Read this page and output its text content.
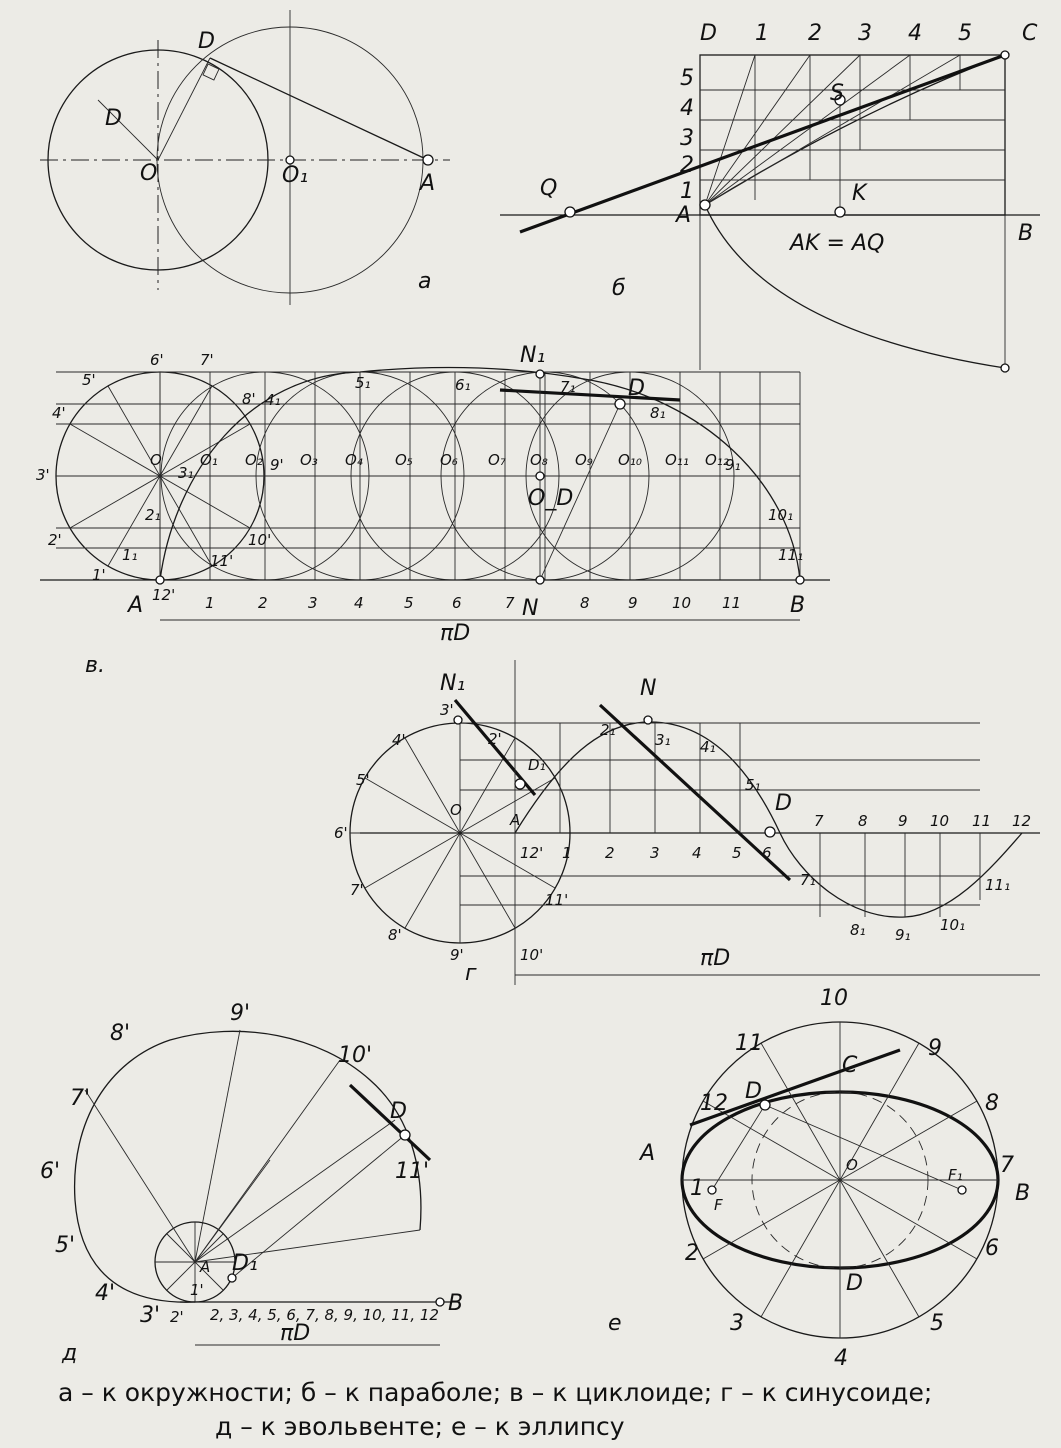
D
D
O	O₁	A
а
D	C
S
K
Q
A
B
AK = AQ
1 2 3 4 5
5
4
3
2
1
б
N₁
D
O_D
N
A	B
πD
6' 7'
5'
4'
3'
2'
1'
8'
9'
10'
11'
12' 1	2	3 4	5	6	7	8	9 10 11
O	O₁ O₂ O₃ O₄ O₅ O₆ O₇ O₈ O₉ O₁₀ O₁₁ O₁₂
1₁
2₁
3₁
4₁
5₁	6₁	7₁
8₁
9₁
10₁
11₁
в.
N₁	N
D
D₁
A
O
πD
3'
2'
4'
5'
6'
7'
8'
9'	10'
11'
12' 1 2 3 4 5 6
7 8 9 10 11 12
2₁
3₁ 4₁
5₁
7₁
8₁ 9₁
10₁
11₁
г
9'
8'
10'
7'
6'
5'
4'
3' 2'
1'
D
D₁
A
B
11'
πD
2, 3, 4, 5, 6, 7, 8, 9, 10, 11, 12
д
10
11	9
12
C
D	8
A
1
O	7
B
F
F₁
2	6
D
3	5
4
е
а – к окружности; б – к параболе; в – к циклоиде; г – к синусоиде;
д – к эвольвенте; е – к эллипсу
